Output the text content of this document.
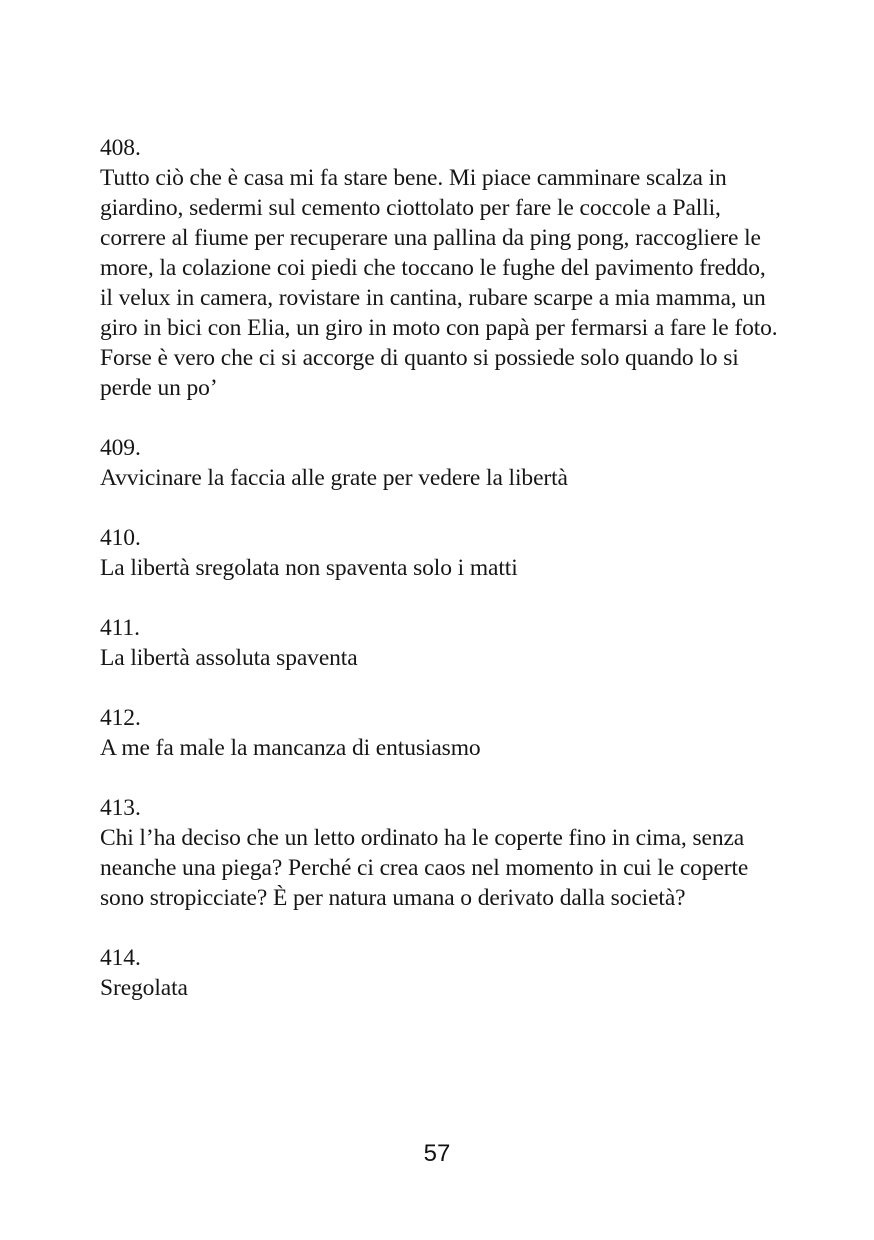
408.
Tutto ciò che è casa mi fa stare bene. Mi piace camminare scalza in giardino, sedermi sul cemento ciottolato per fare le coccole a Palli, correre al fiume per recuperare una pallina da ping pong, raccogliere le more, la colazione coi piedi che toccano le fughe del pavimento freddo, il velux in camera, rovistare in cantina, rubare scarpe a mia mamma, un giro in bici con Elia, un giro in moto con papà per fermarsi a fare le foto. Forse è vero che ci si accorge di quanto si possiede solo quando lo si perde un po’
409.
Avvicinare la faccia alle grate per vedere la libertà
410.
La libertà sregolata non spaventa solo i matti
411.
La libertà assoluta spaventa
412.
A me fa male la mancanza di entusiasmo
413.
Chi l’ha deciso che un letto ordinato ha le coperte fino in cima, senza neanche una piega? Perché ci crea caos nel momento in cui le coperte sono stropicciate? È per natura umana o derivato dalla società?
414.
Sregolata
57
